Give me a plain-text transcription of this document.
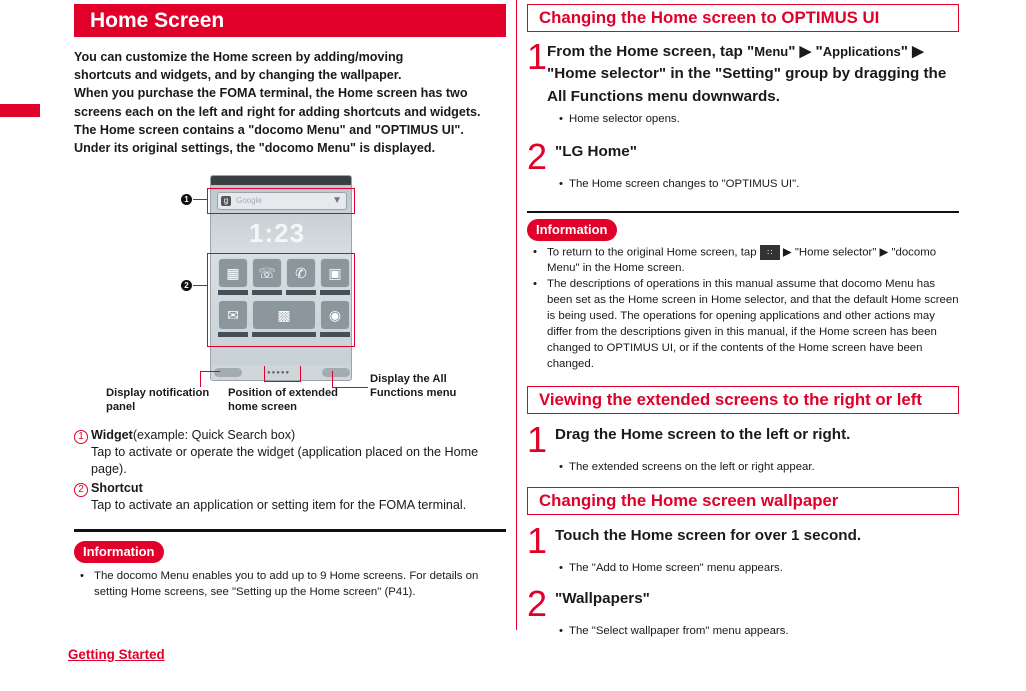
Home Screen
You can customize the Home screen by adding/moving
shortcuts and widgets, and by changing the wallpaper.
When you purchase the FOMA terminal, the Home screen has two
screens each on the left and right for adding shortcuts and widgets.
The Home screen contains a "docomo Menu" and "OPTIMUS UI".
Under its original settings, the "docomo Menu" is displayed.
g Google	▼
1:23
▦	☏	✆	▣
✉	▩	◉
●●●●●
1
2
Display notification panel
Position of extended home screen
Display the All Functions menu
1 Widget (example: Quick Search box)
Tap to activate or operate the widget (application placed on the Home page).
2 Shortcut
Tap to activate an application or setting item for the FOMA terminal.
Information
• The docomo Menu enables you to add up to 9 Home screens. For details on setting Home screens, see "Setting up the Home screen" (P41).
Changing the Home screen to OPTIMUS UI
1 From the Home screen, tap "Menu" ▶ "Applications" ▶ "Home selector" in the "Setting" group by dragging the All Functions menu downwards.
• Home selector opens.
2 "LG Home"
• The Home screen changes to "OPTIMUS UI".
Information
• To return to the original Home screen, tap ∷ ▶ "Home selector" ▶ "docomo Menu" in the Home screen.
• The descriptions of operations in this manual assume that docomo Menu has been set as the Home screen in Home selector, and that the default Home screen is being used. The operations for opening applications and other actions may differ from the descriptions given in this manual, if the Home screen has been changed to OPTIMUS UI, or if the contents of the Home screen have been changed.
Viewing the extended screens to the right or left
1 Drag the Home screen to the left or right.
• The extended screens on the left or right appear.
Changing the Home screen wallpaper
1 Touch the Home screen for over 1 second.
• The "Add to Home screen" menu appears.
2 "Wallpapers"
• The "Select wallpaper from" menu appears.
Getting Started
